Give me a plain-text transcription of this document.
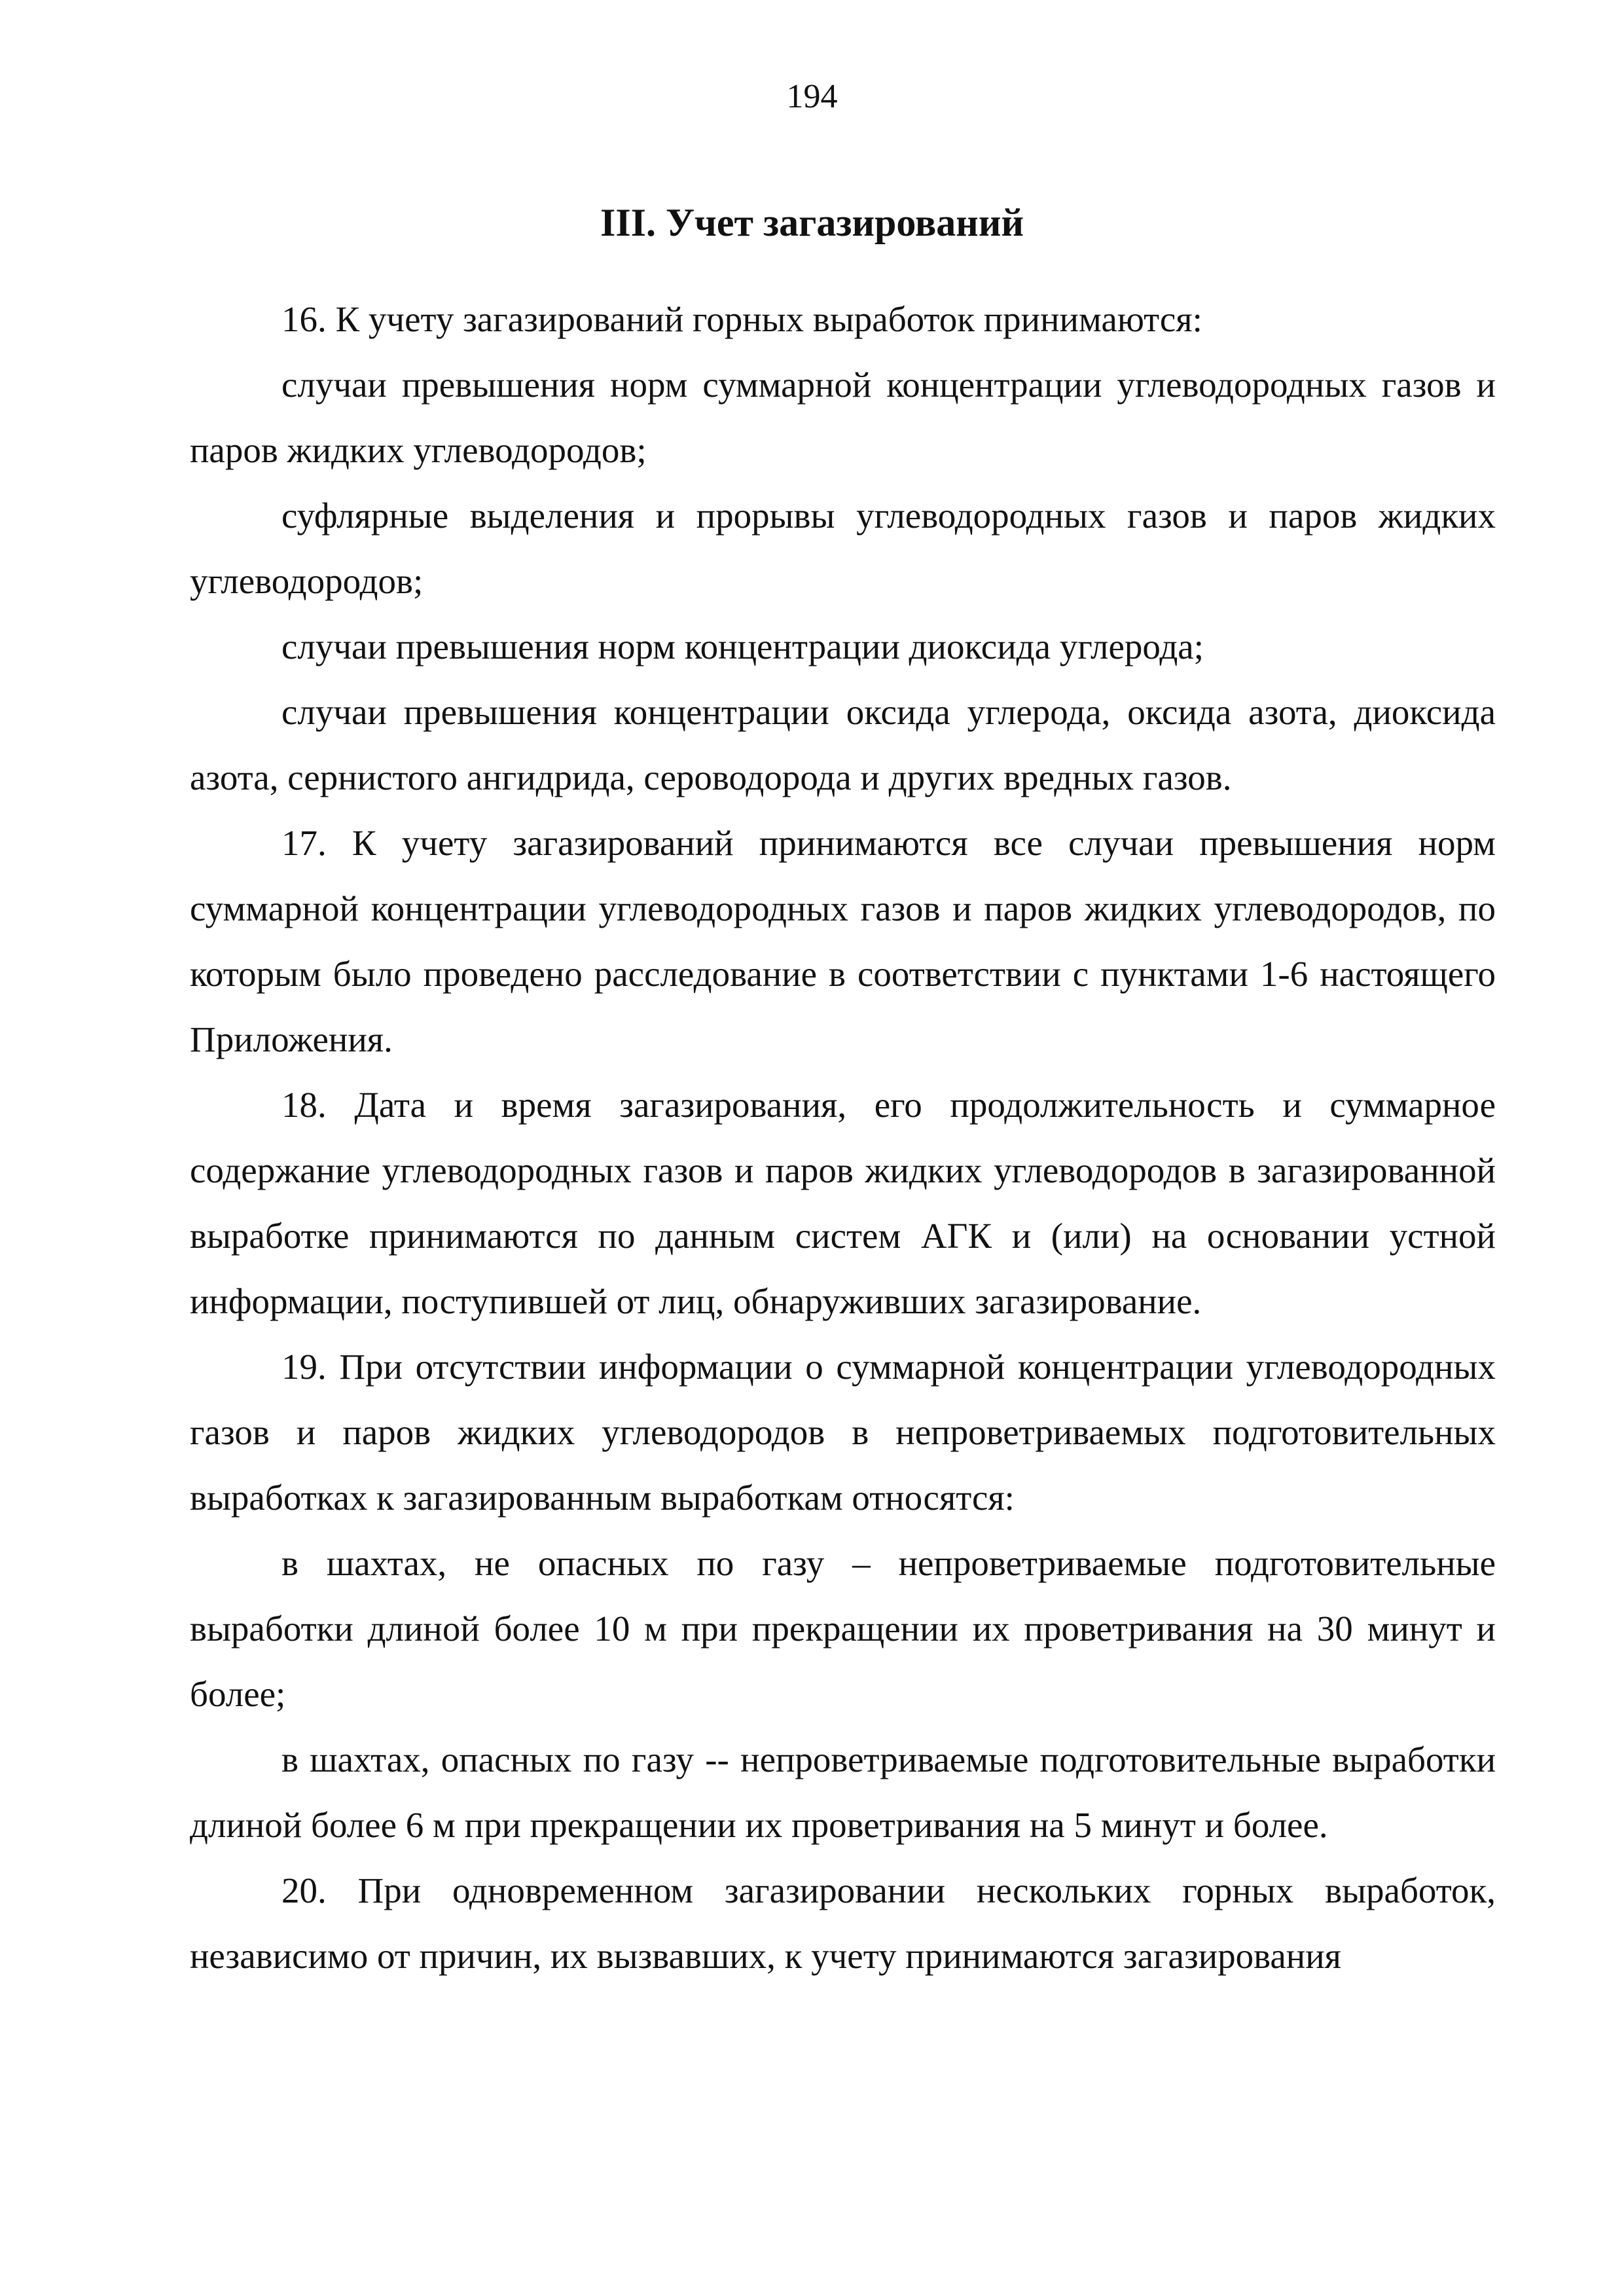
194
III. Учет загазирований

16. К учету загазирований горных выработок принимаются:

случаи превышения норм суммарной концентрации углеводородных газов и паров жидких углеводородов;

суфлярные выделения и прорывы углеводородных газов и паров жидких углеводородов;

случаи превышения норм концентрации диоксида углерода;

случаи превышения концентрации оксида углерода, оксида азота, диоксида азота, сернистого ангидрида, сероводорода и других вредных газов.

17. К учету загазирований принимаются все случаи превышения норм суммарной концентрации углеводородных газов и паров жидких углеводородов, по которым было проведено расследование в соответствии с пунктами 1-6 настоящего Приложения.

18. Дата и время загазирования, его продолжительность и суммарное содержание углеводородных газов и паров жидких углеводородов в загазированной выработке принимаются по данным систем АГК и (или) на основании устной информации, поступившей от лиц, обнаруживших загазирование.

19. При отсутствии информации о суммарной концентрации углеводородных газов и паров жидких углеводородов в непроветриваемых подготовительных выработках к загазированным выработкам относятся:

в шахтах, не опасных по газу – непроветриваемые подготовительные выработки длиной более 10 м при прекращении их проветривания на 30 минут и более;

в шахтах, опасных по газу -- непроветриваемые подготовительные выработки длиной более 6 м при прекращении их проветривания на 5 минут и более.

20. При одновременном загазировании нескольких горных выработок, независимо от причин, их вызвавших, к учету принимаются загазирования
